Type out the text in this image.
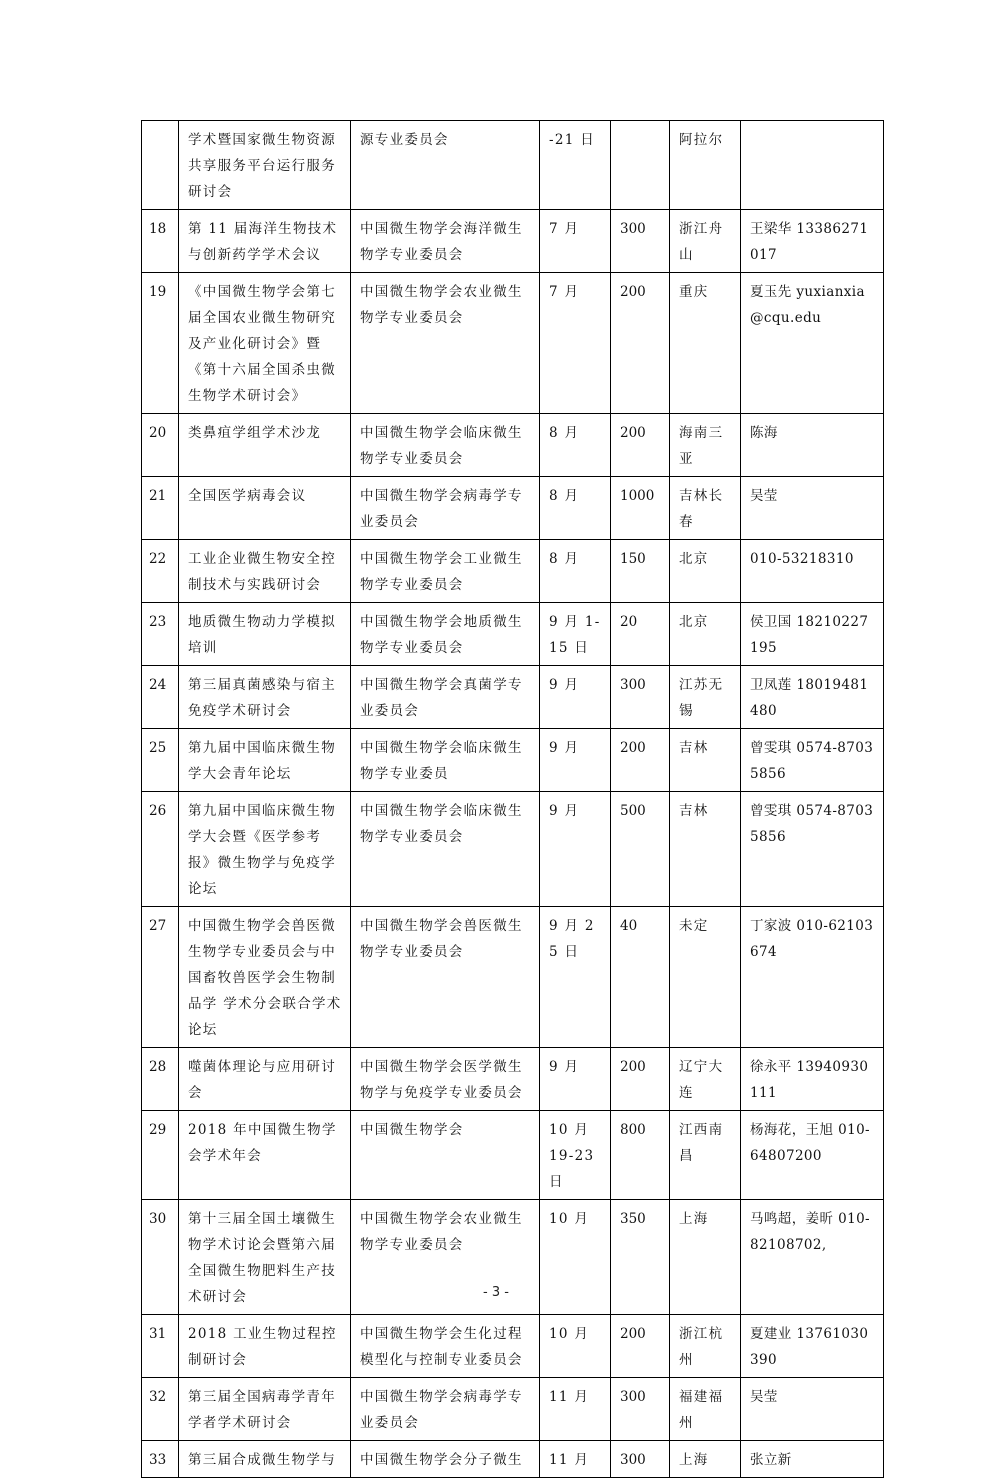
	学术暨国家微生物资源共享服务平台运行服务研讨会	源专业委员会	-21 日		阿拉尔	
18	第 11 届海洋生物技术与创新药学学术会议	中国微生物学会海洋微生物学专业委员会	7 月	300	浙江舟山	王梁华 13386271017
19	《中国微生物学会第七届全国农业微生物研究及产业化研讨会》暨《第十六届全国杀虫微生物学术研讨会》	中国微生物学会农业微生物学专业委员会	7 月	200	重庆	夏玉先 yuxianxia@cqu.edu
20	类鼻疽学组学术沙龙	中国微生物学会临床微生物学专业委员会	8 月	200	海南三亚	陈海
21	全国医学病毒会议	中国微生物学会病毒学专业委员会	8 月	1000	吉林长春	吴莹
22	工业企业微生物安全控制技术与实践研讨会	中国微生物学会工业微生物学专业委员会	8 月	150	北京	010-53218310
23	地质微生物动力学模拟培训	中国微生物学会地质微生物学专业委员会	9 月 1-15 日	20	北京	侯卫国 18210227195
24	第三届真菌感染与宿主免疫学术研讨会	中国微生物学会真菌学专业委员会	9 月	300	江苏无锡	卫凤莲 18019481480
25	第九届中国临床微生物学大会青年论坛	中国微生物学会临床微生物学专业委员	9 月	200	吉林	曾雯琪 0574-87035856
26	第九届中国临床微生物学大会暨《医学参考报》微生物学与免疫学论坛	中国微生物学会临床微生物学专业委员会	9 月	500	吉林	曾雯琪 0574-87035856
27	中国微生物学会兽医微生物学专业委员会与中国畜牧兽医学会生物制品学 学术分会联合学术论坛	中国微生物学会兽医微生物学专业委员会	9 月 25 日	40	未定	丁家波 010-62103674
28	噬菌体理论与应用研讨会	中国微生物学会医学微生物学与免疫学专业委员会	9 月	200	辽宁大连	徐永平 13940930111
29	2018 年中国微生物学会学术年会	中国微生物学会	10 月 19-23 日	800	江西南昌	杨海花，王旭 010-64807200
30	第十三届全国土壤微生物学术讨论会暨第六届全国微生物肥料生产技术研讨会	中国微生物学会农业微生物学专业委员会	10 月	350	上海	马鸣超，姜昕 010-82108702,
31	2018 工业生物过程控制研讨会	中国微生物学会生化过程模型化与控制专业委员会	10 月	200	浙江杭州	夏建业 13761030390
32	第三届全国病毒学青年学者学术研讨会	中国微生物学会病毒学专业委员会	11 月	300	福建福州	吴莹
33	第三届合成微生物学与	中国微生物学会分子微生	11 月	300	上海	张立新
- 3 -
